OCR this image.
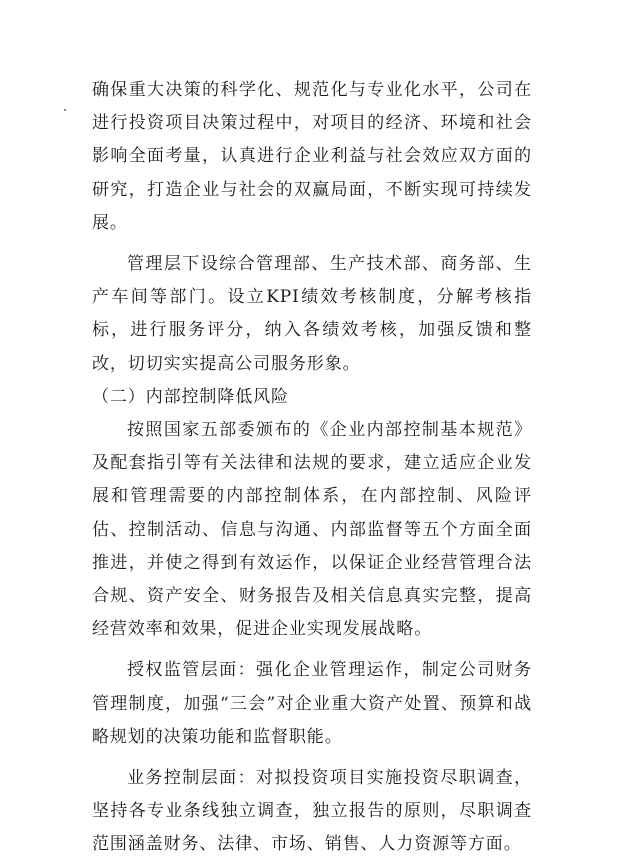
确保重大决策的科学化、规范化与专业化水平，公司在进行投资项目决策过程中，对项目的经济、环境和社会影响全面考量，认真进行企业利益与社会效应双方面的研究，打造企业与社会的双赢局面，不断实现可持续发展。

管理层下设综合管理部、生产技术部、商务部、生产车间等部门。设立KPI绩效考核制度，分解考核指标，进行服务评分，纳入各绩效考核，加强反馈和整改，切切实实提高公司服务形象。

（二）内部控制降低风险

按照国家五部委颁布的《企业内部控制基本规范》及配套指引等有关法律和法规的要求，建立适应企业发展和管理需要的内部控制体系，在内部控制、风险评估、控制活动、信息与沟通、内部监督等五个方面全面推进，并使之得到有效运作，以保证企业经营管理合法合规、资产安全、财务报告及相关信息真实完整，提高经营效率和效果，促进企业实现发展战略。

授权监管层面：强化企业管理运作，制定公司财务管理制度，加强“三会”对企业重大资产处置、预算和战略规划的决策功能和监督职能。

业务控制层面：对拟投资项目实施投资尽职调查，坚持各专业条线独立调查，独立报告的原则，尽职调查范围涵盖财务、法律、市场、销售、人力资源等方面。
